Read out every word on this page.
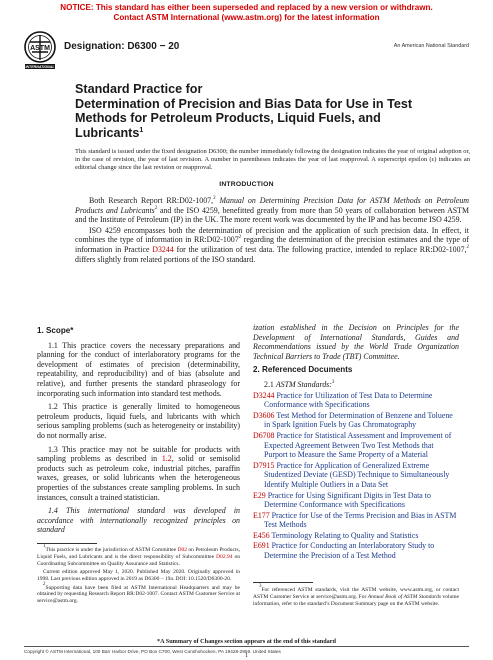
NOTICE: This standard has either been superseded and replaced by a new version or withdrawn.
Contact ASTM International (www.astm.org) for the latest information
ASTM
INTERNATIONAL
Designation: D6300 − 20	An American National Standard
Standard Practice for
Determination of Precision and Bias Data for Use in Test
Methods for Petroleum Products, Liquid Fuels, and
Lubricants$^1$
This standard is issued under the fixed designation D6300; the number immediately following the designation indicates the year of original adoption or, in the case of revision, the year of last revision. A number in parentheses indicates the year of last reapproval. A superscript epsilon (ε) indicates an editorial change since the last revision or reapproval.
INTRODUCTION

Both Research Report RR:D02-1007,$^2$ Manual on Determining Precision Data for ASTM Methods on Petroleum Products and Lubricants$^2$ and the ISO 4259, benefitted greatly from more than 50 years of collaboration between ASTM and the Institute of Petroleum (IP) in the UK. The more recent work was documented by the IP and has become ISO 4259.

ISO 4259 encompasses both the determination of precision and the application of such precision data. In effect, it combines the type of information in RR:D02-1007$^2$ regarding the determination of the precision estimates and the type of information in Practice D3244 for the utilization of test data. The following practice, intended to replace RR:D02-1007,$^2$ differs slightly from related portions of the ISO standard.

1. Scope*

1.1 This practice covers the necessary preparations and planning for the conduct of interlaboratory programs for the development of estimates of precision (determinability, repeatability, and reproducibility) and of bias (absolute and relative), and further presents the standard phraseology for incorporating such information into standard test methods.

1.2 This practice is generally limited to homogeneous petroleum products, liquid fuels, and lubricants with which serious sampling problems (such as heterogeneity or instability) do not normally arise.

1.3 This practice may not be suitable for products with sampling problems as described in 1.2, solid or semisolid products such as petroleum coke, industrial pitches, paraffin waxes, greases, or solid lubricants when the heterogeneous properties of the substances create sampling problems. In such instances, consult a trained statistician.

1.4 This international standard was developed in accordance with internationally recognized principles on standard

ization established in the Decision on Principles for the Development of International Standards, Guides and Recommendations issued by the World Trade Organization Technical Barriers to Trade (TBT) Committee.

2. Referenced Documents

2.1 ASTM Standards:$^3$

D3244 Practice for Utilization of Test Data to Determine Conformance with Specifications
D3606 Test Method for Determination of Benzene and Toluene in Spark Ignition Fuels by Gas Chromatography
D6708 Practice for Statistical Assessment and Improvement of Expected Agreement Between Two Test Methods that Purport to Measure the Same Property of a Material
D7915 Practice for Application of Generalized Extreme Studentized Deviate (GESD) Technique to Simultaneously Identify Multiple Outliers in a Data Set
E29 Practice for Using Significant Digits in Test Data to Determine Conformance with Specifications
E177 Practice for Use of the Terms Precision and Bias in ASTM Test Methods
E456 Terminology Relating to Quality and Statistics
E691 Practice for Conducting an Interlaboratory Study to Determine the Precision of a Test Method

$^1$This practice is under the jurisdiction of ASTM Committee D02 on Petroleum Products, Liquid Fuels, and Lubricants and is the direct responsibility of Subcommittee D02.94 on Coordinating Subcommittee on Quality Assurance and Statistics.

Current edition approved May 1, 2020. Published May 2020. Originally approved in 1998. Last previous edition approved in 2019 as D6300 – 19a. DOI: 10.1520/D6300-20.

$^2$Supporting data have been filed at ASTM International Headquarters and may be obtained by requesting Research Report RR:D02-1007. Contact ASTM Customer Service at service@astm.org.

$^3$For referenced ASTM standards, visit the ASTM website, www.astm.org, or contact ASTM Customer Service at service@astm.org. For Annual Book of ASTM Standards volume information, refer to the standard’s Document Summary page on the ASTM website.

*A Summary of Changes section appears at the end of this standard
Copyright © ASTM International, 100 Barr Harbor Drive, PO Box C700, West Conshohocken, PA 19428-2959. United States
1
